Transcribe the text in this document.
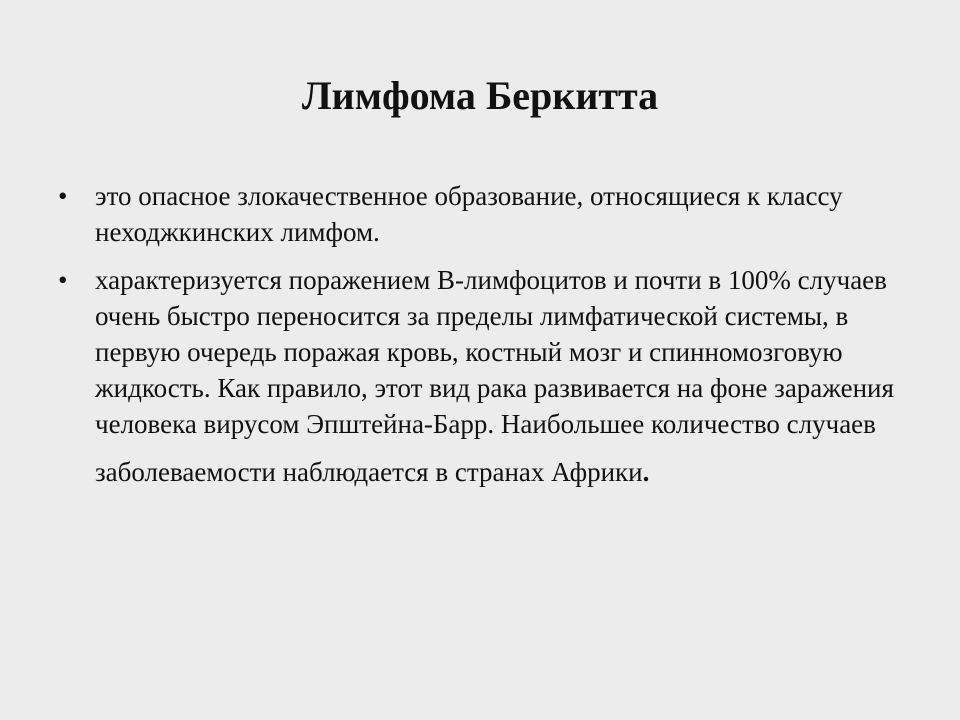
Лимфома Беркитта
•	это опасное злокачественное образование, относящиеся к классу неходжкинских лимфом.
•	характеризуется поражением В-лимфоцитов и почти в 100% случаев очень быстро переносится за пределы лимфатической системы, в первую очередь поражая кровь, костный мозг и спинномозговую жидкость. Как правило, этот вид рака развивается на фоне заражения человека вирусом Эпштейна-Барр. Наибольшее количество случаев
заболеваемости наблюдается в странах Африки.
